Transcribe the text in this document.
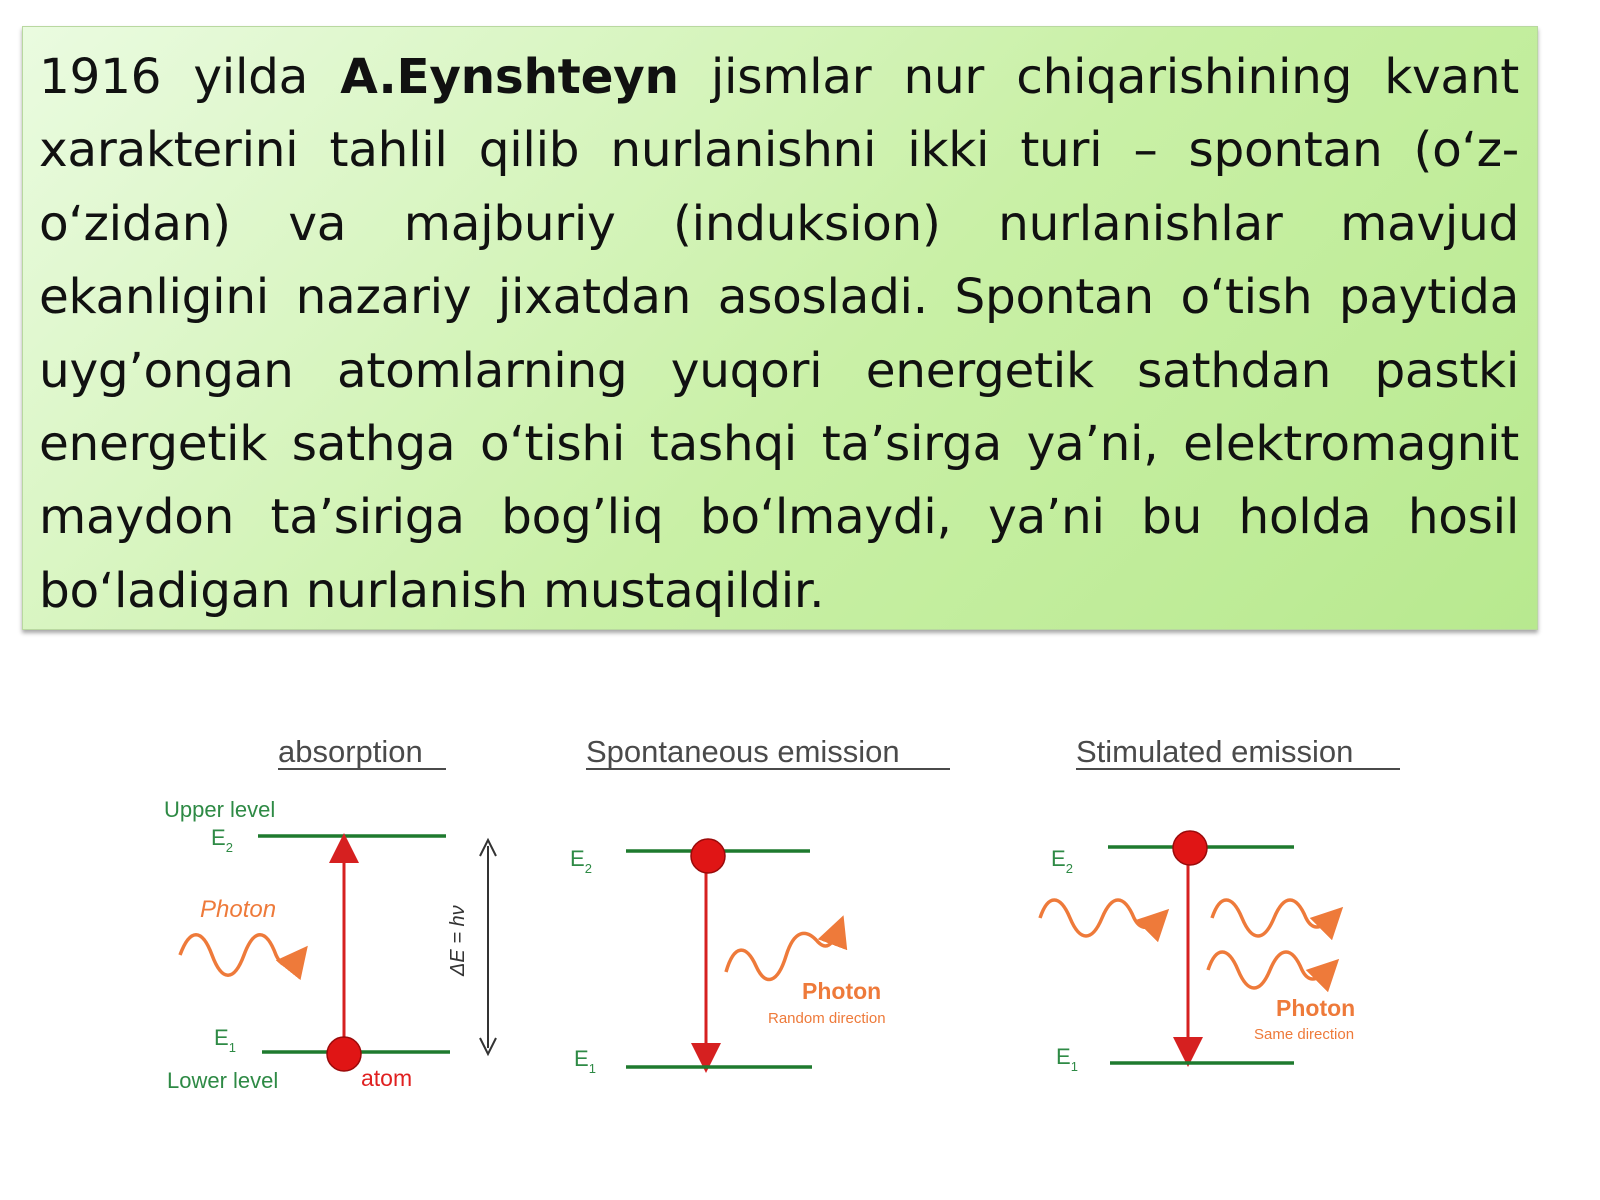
1916 yilda A.Eynshteyn jismlar nur chiqarishining kvant xarakterini tahlil qilib nurlanishni ikki turi – spontan (o‘z-o‘zidan) va majburiy (induksion) nurlanishlar mavjud ekanligini nazariy jixatdan asosladi. Spontan o‘tish paytida uyg’ongan atomlarning yuqori energetik sathdan pastki energetik sathga o‘tishi tashqi ta’sirga ya’ni, elektromagnit maydon ta’siriga bog’liq bo‘lmaydi, ya’ni bu holda hosil bo‘ladigan nurlanish mustaqildir.

absorption
Upper level
$E_2$
Photon
$E_1$
Lower level	atom
ΔE = hν
Spontaneous emission
$E_2$
Photon
Random direction
$E_1$
Stimulated emission
$E_2$
Photon
Same direction
$E_1$
